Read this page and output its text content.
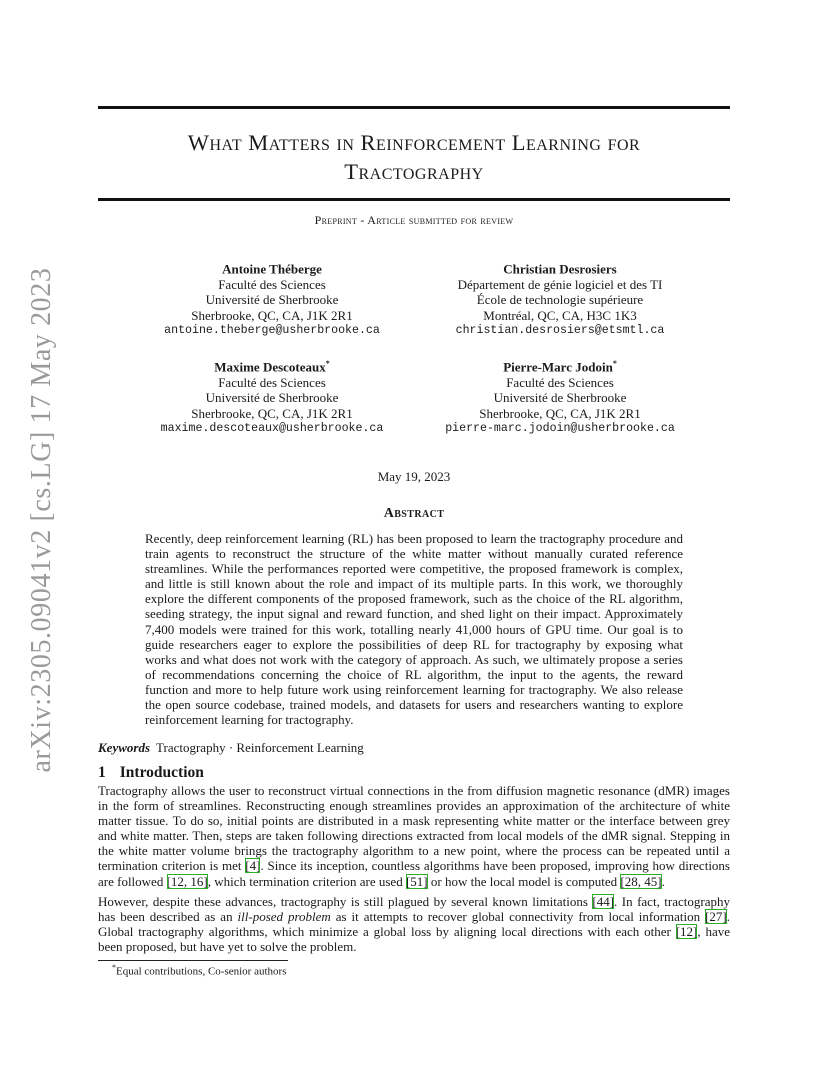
arXiv:2305.09041v2 [cs.LG] 17 May 2023
What Matters in Reinforcement Learning for
Tractography
Preprint - Article submitted for review
Antoine Théberge
Faculté des Sciences
Université de Sherbrooke
Sherbrooke, QC, CA, J1K 2R1
antoine.theberge@usherbrooke.ca
Christian Desrosiers
Département de génie logiciel et des TI
École de technologie supérieure
Montréal, QC, CA, H3C 1K3
christian.desrosiers@etsmtl.ca
Maxime Descoteaux*
Faculté des Sciences
Université de Sherbrooke
Sherbrooke, QC, CA, J1K 2R1
maxime.descoteaux@usherbrooke.ca
Pierre-Marc Jodoin*
Faculté des Sciences
Université de Sherbrooke
Sherbrooke, QC, CA, J1K 2R1
pierre-marc.jodoin@usherbrooke.ca
May 19, 2023
Abstract
Recently, deep reinforcement learning (RL) has been proposed to learn the tractography procedure and train agents to reconstruct the structure of the white matter without manually curated reference streamlines. While the performances reported were competitive, the proposed framework is complex, and little is still known about the role and impact of its multiple parts. In this work, we thoroughly explore the different components of the proposed framework, such as the choice of the RL algorithm, seeding strategy, the input signal and reward function, and shed light on their impact. Approximately 7,400 models were trained for this work, totalling nearly 41,000 hours of GPU time. Our goal is to guide researchers eager to explore the possibilities of deep RL for tractography by exposing what works and what does not work with the category of approach. As such, we ultimately propose a series of recommendations concerning the choice of RL algorithm, the input to the agents, the reward function and more to help future work using reinforcement learning for tractography. We also release the open source codebase, trained models, and datasets for users and researchers wanting to explore reinforcement learning for tractography.
Keywords Tractography · Reinforcement Learning
1 Introduction
Tractography allows the user to reconstruct virtual connections in the from diffusion magnetic resonance (dMR) images in the form of streamlines. Reconstructing enough streamlines provides an approximation of the architecture of white matter tissue. To do so, initial points are distributed in a mask representing white matter or the interface between grey and white matter. Then, steps are taken following directions extracted from local models of the dMR signal. Stepping in the white matter volume brings the tractography algorithm to a new point, where the process can be repeated until a termination criterion is met [4]. Since its inception, countless algorithms have been proposed, improving how directions are followed [12, 16], which termination criterion are used [51] or how the local model is computed [28, 45].
However, despite these advances, tractography is still plagued by several known limitations [44]. In fact, tractography has been described as an ill-posed problem as it attempts to recover global connectivity from local information [27]. Global tractography algorithms, which minimize a global loss by aligning local directions with each other [12], have been proposed, but have yet to solve the problem.
*Equal contributions, Co-senior authors
